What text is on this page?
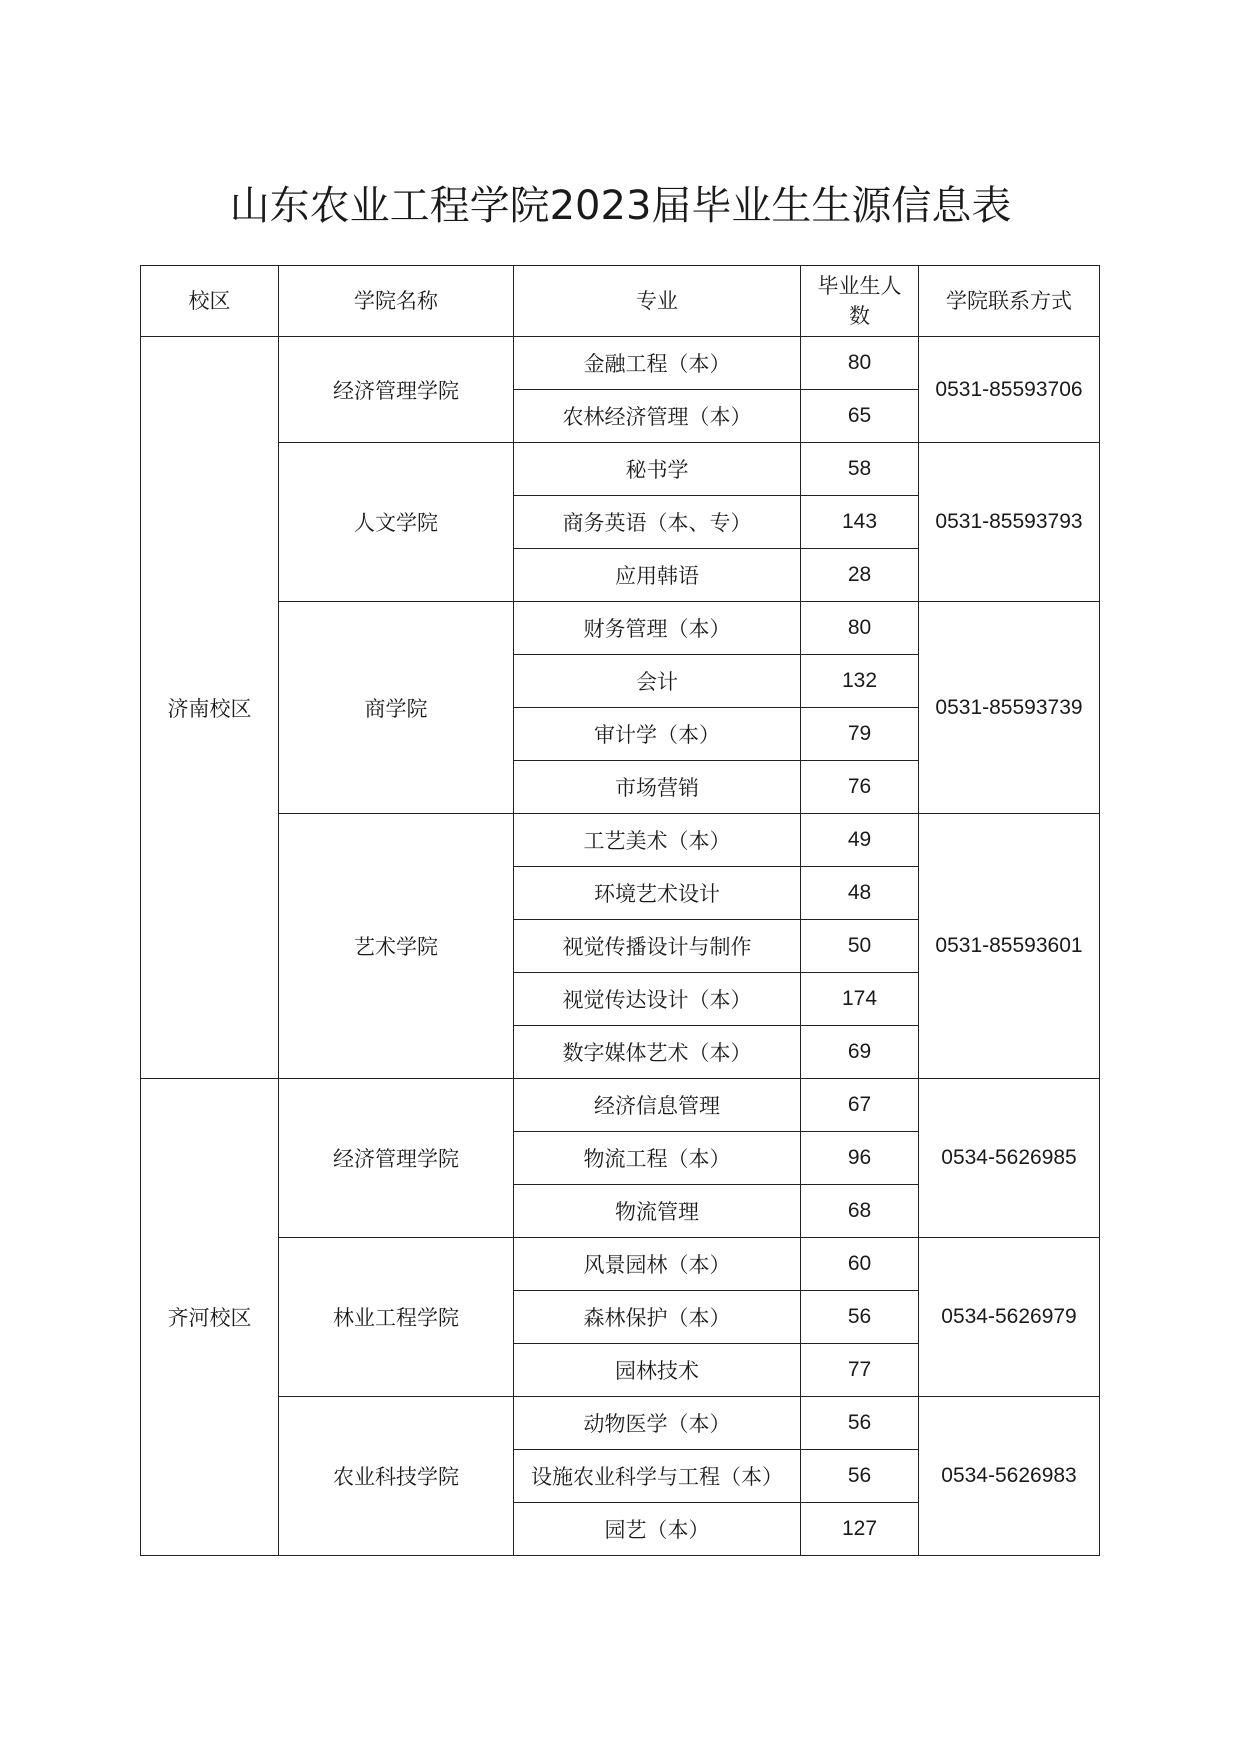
山东农业工程学院2023届毕业生生源信息表
校区	学院名称	专业	毕业生人数	学院联系方式
济南校区	经济管理学院	金融工程（本）	80	0531-85593706
		农林经济管理（本）	65	
	人文学院	秘书学	58	0531-85593793
		商务英语（本、专）	143	
		应用韩语	28	
	商学院	财务管理（本）	80	0531-85593739
		会计	132	
		审计学（本）	79	
		市场营销	76	
	艺术学院	工艺美术（本）	49	0531-85593601
		环境艺术设计	48	
		视觉传播设计与制作	50	
		视觉传达设计（本）	174	
		数字媒体艺术（本）	69	
齐河校区	经济管理学院	经济信息管理	67	0534-5626985
		物流工程（本）	96	
		物流管理	68	
	林业工程学院	风景园林（本）	60	0534-5626979
		森林保护（本）	56	
		园林技术	77	
	农业科技学院	动物医学（本）	56	0534-5626983
		设施农业科学与工程（本）	56	
		园艺（本）	127	
